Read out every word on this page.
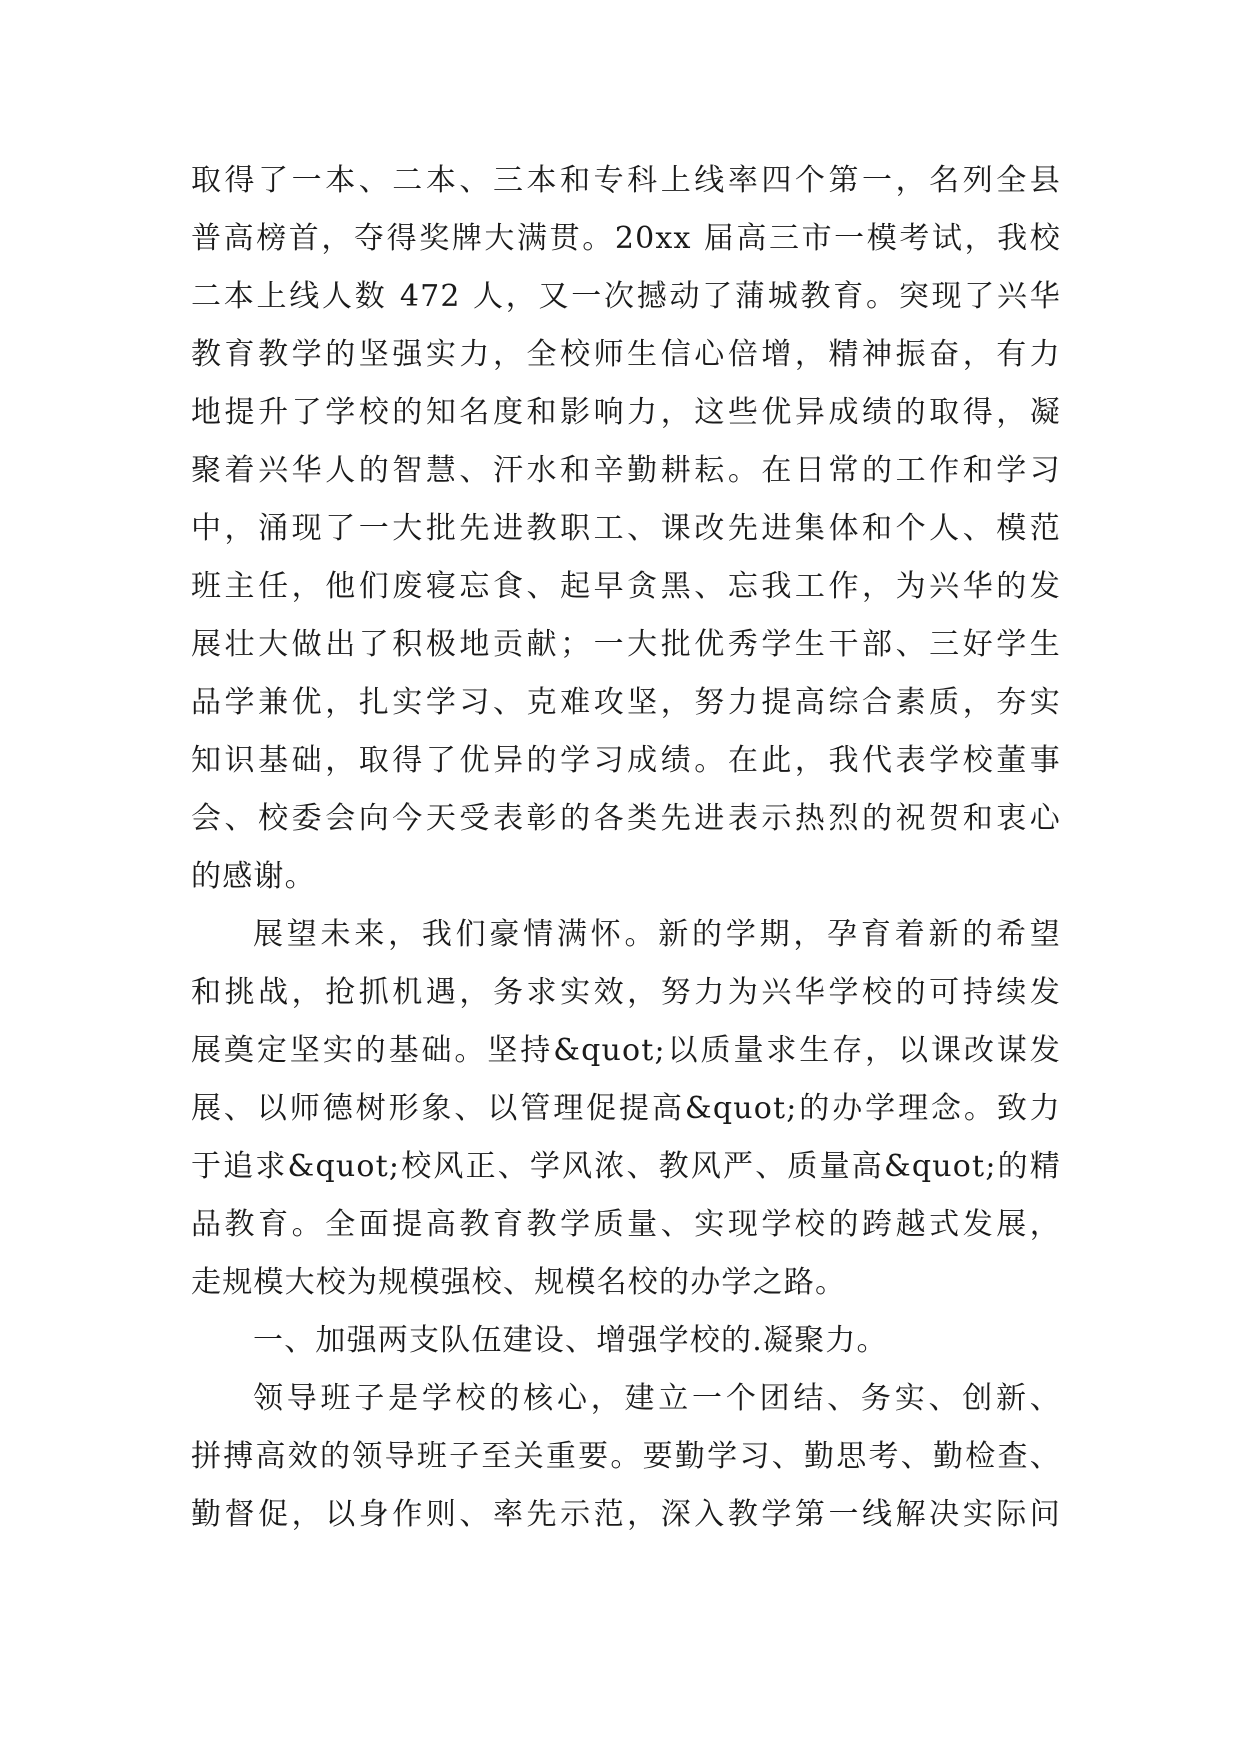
取得了一本、二本、三本和专科上线率四个第一，名列全县
普高榜首，夺得奖牌大满贯。20xx 届高三市一模考试，我校
二本上线人数 472 人，又一次撼动了蒲城教育。突现了兴华
教育教学的坚强实力，全校师生信心倍增，精神振奋，有力
地提升了学校的知名度和影响力，这些优异成绩的取得，凝
聚着兴华人的智慧、汗水和辛勤耕耘。在日常的工作和学习
中，涌现了一大批先进教职工、课改先进集体和个人、模范
班主任，他们废寝忘食、起早贪黑、忘我工作，为兴华的发
展壮大做出了积极地贡献；一大批优秀学生干部、三好学生
品学兼优，扎实学习、克难攻坚，努力提高综合素质，夯实
知识基础，取得了优异的学习成绩。在此，我代表学校董事
会、校委会向今天受表彰的各类先进表示热烈的祝贺和衷心
的感谢。
展望未来，我们豪情满怀。新的学期，孕育着新的希望
和挑战，抢抓机遇，务求实效，努力为兴华学校的可持续发
展奠定坚实的基础。坚持&quot;以质量求生存，以课改谋发
展、以师德树形象、以管理促提高&quot;的办学理念。致力
于追求&quot;校风正、学风浓、教风严、质量高&quot;的精
品教育。全面提高教育教学质量、实现学校的跨越式发展，
走规模大校为规模强校、规模名校的办学之路。
一、加强两支队伍建设、增强学校的.凝聚力。
领导班子是学校的核心，建立一个团结、务实、创新、
拼搏高效的领导班子至关重要。要勤学习、勤思考、勤检查、
勤督促，以身作则、率先示范，深入教学第一线解决实际问
